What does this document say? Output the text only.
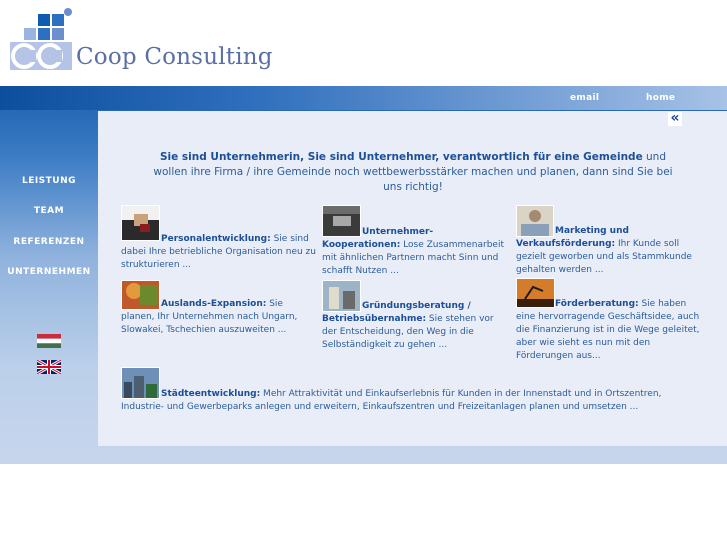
Coop Consulting
email	home
LEISTUNG
TEAM
REFERENZEN
UNTERNEHMEN
«
Sie sind Unternehmerin, Sie sind Unternehmer, verantwortlich für eine Gemeinde und wollen ihre Firma / ihre Gemeinde noch wettbewerbsstärker machen und planen, dann sind Sie bei uns richtig!
Personalentwicklung: Sie sind dabei Ihre betriebliche Organisation neu zu strukturieren ...
Unternehmer-Kooperationen: Lose Zusammenarbeit mit ähnlichen Partnern macht Sinn und schafft Nutzen ...
Marketing und Verkaufsförderung: Ihr Kunde soll gezielt geworben und als Stammkunde gehalten werden ...
Auslands-Expansion: Sie planen, Ihr Unternehmen nach Ungarn, Slowakei, Tschechien auszuweiten ...
Gründungsberatung / Betriebsübernahme: Sie stehen vor der Entscheidung, den Weg in die Selbständigkeit zu gehen ...
Förderberatung: Sie haben eine hervorragende Geschäftsidee, auch die Finanzierung ist in die Wege geleitet, aber wie sieht es nun mit den Förderungen aus...
Städteentwicklung: Mehr Attraktivität und Einkaufserlebnis für Kunden in der Innenstadt und in Ortszentren, Industrie- und Gewerbeparks anlegen und erweitern, Einkaufszentren und Freizeitanlagen planen und umsetzen ...
